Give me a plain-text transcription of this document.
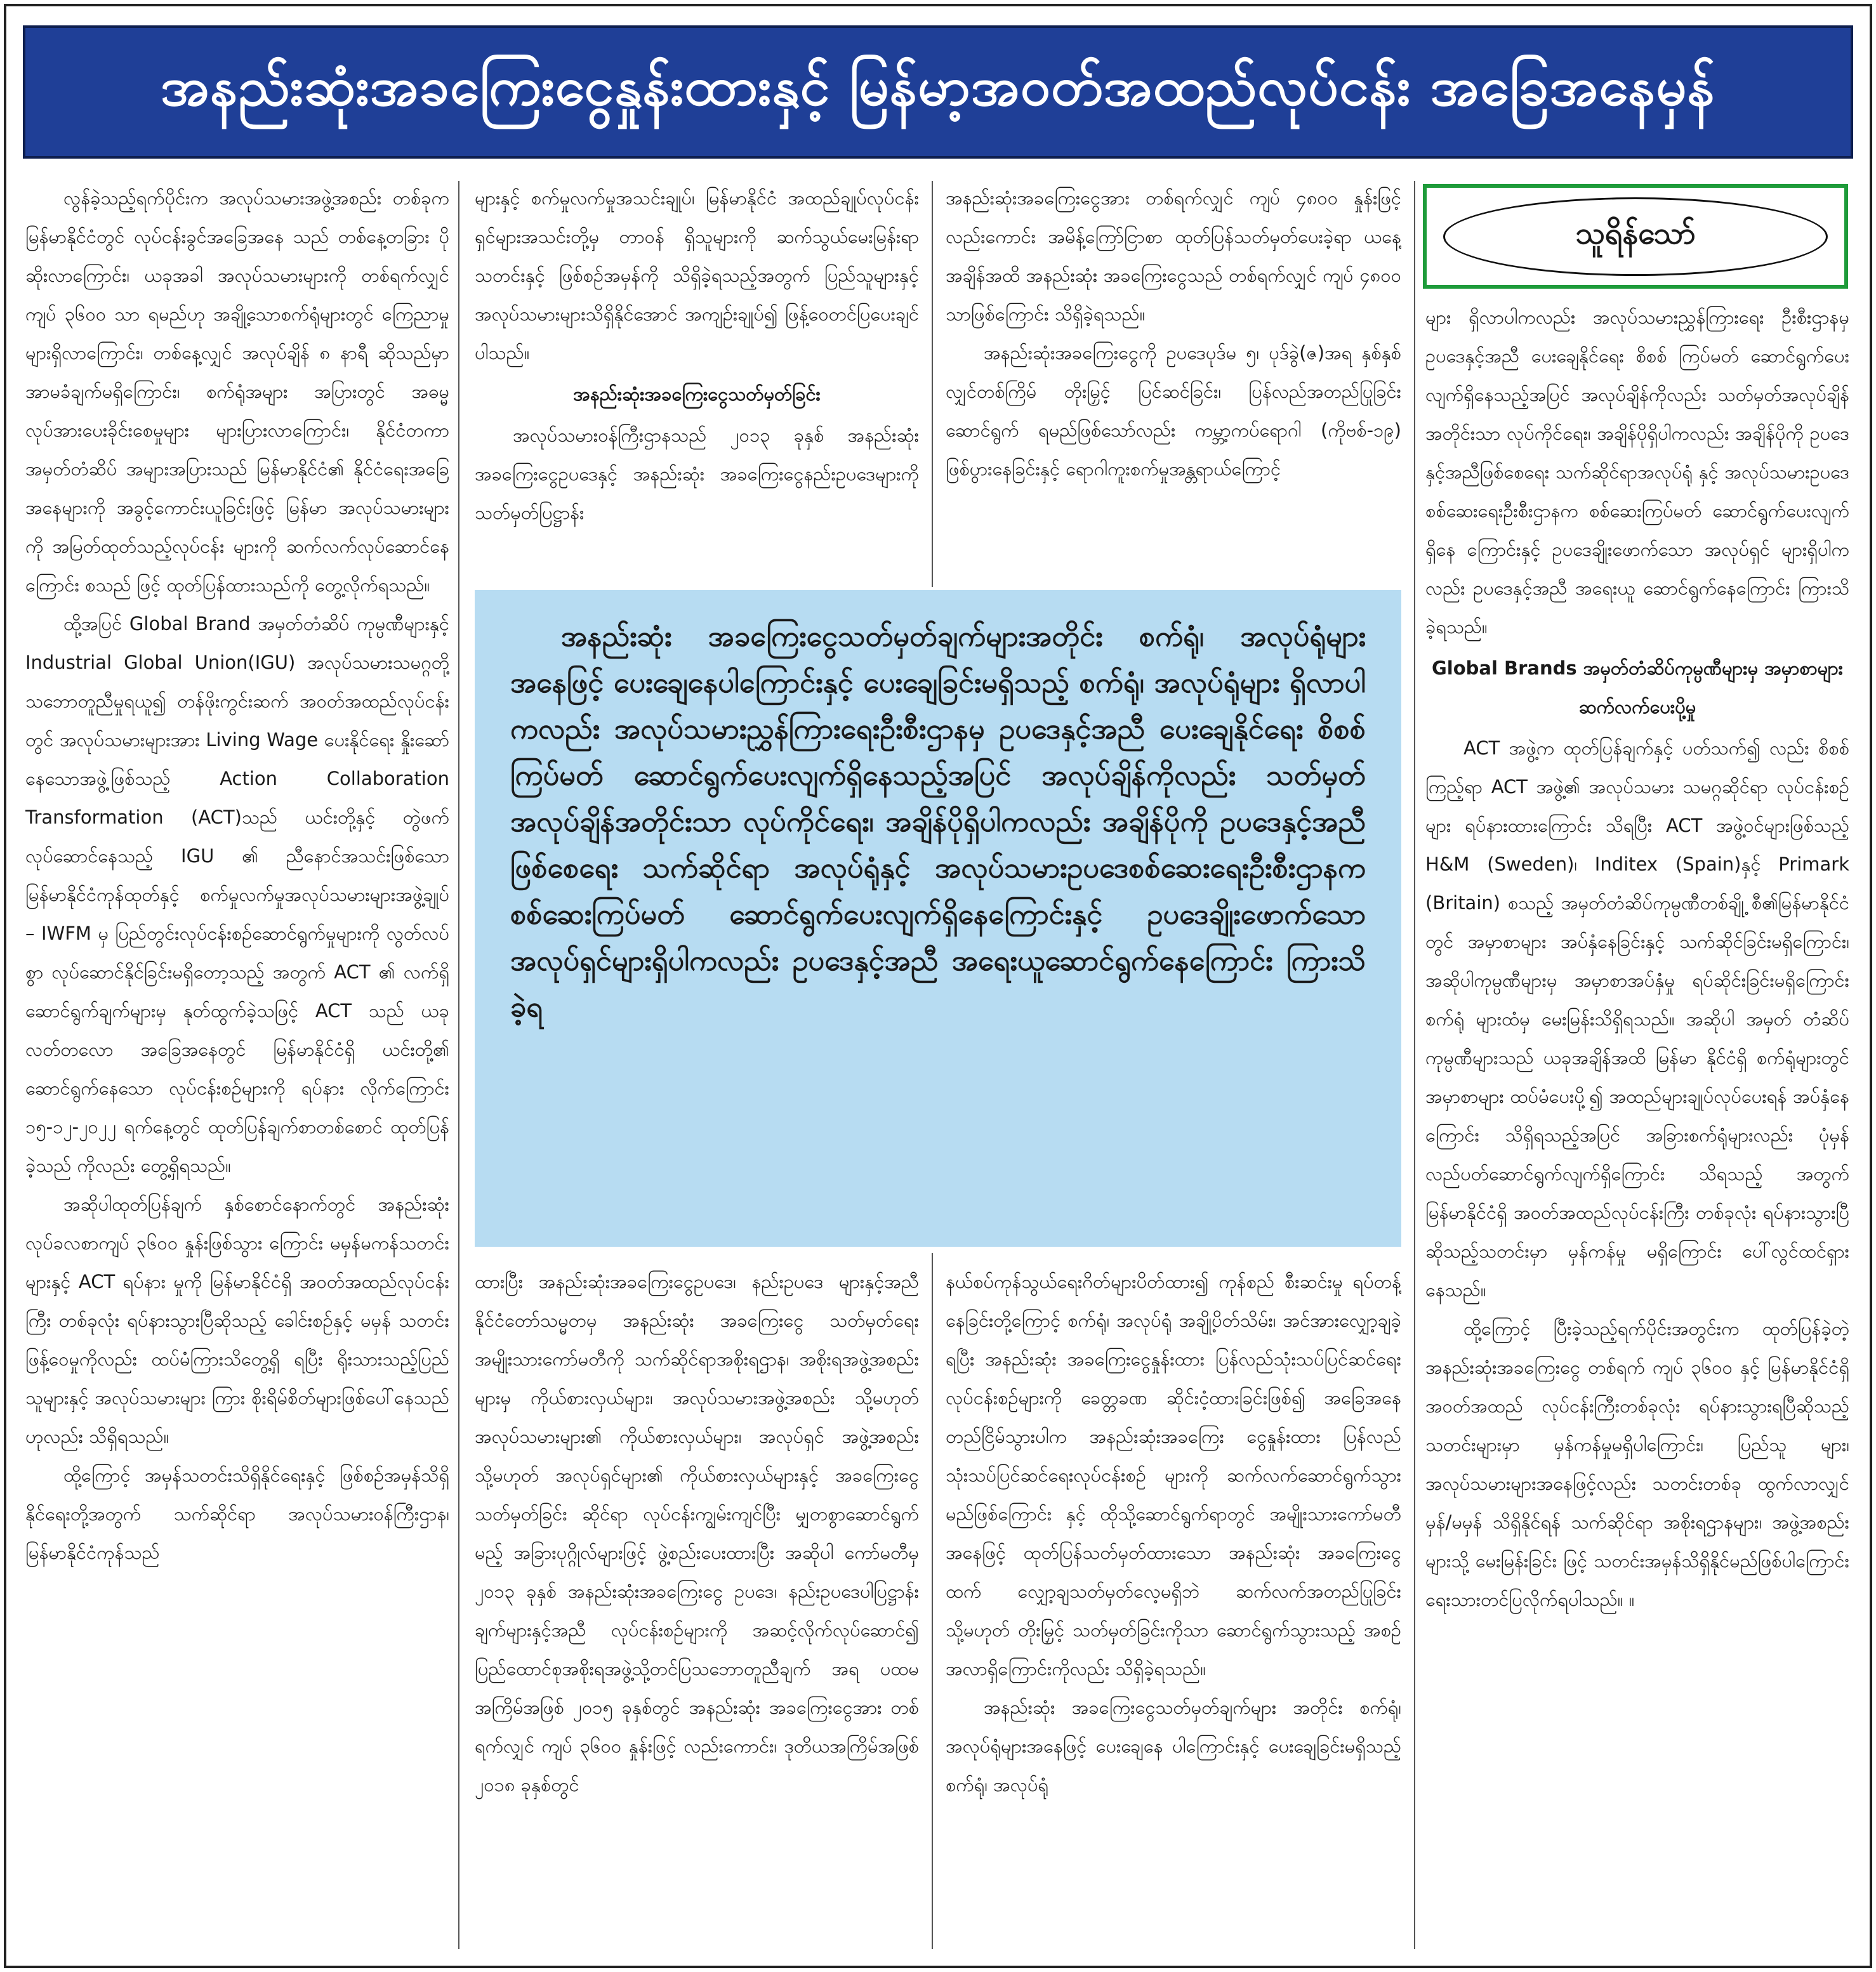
အနည်းဆုံးအခကြေးငွေနှုန်းထားနှင့် မြန်မာ့အဝတ်အထည်လုပ်ငန်း အခြေအနေမှန်

လွန်ခဲ့သည့်ရက်ပိုင်းက အလုပ်သမားအဖွဲ့အစည်း တစ်ခုက မြန်မာနိုင်ငံတွင် လုပ်ငန်းခွင်အခြေအနေ သည် တစ်နေ့တခြား ပိုဆိုးလာကြောင်း၊ ယခုအခါ အလုပ်သမားများကို တစ်ရက်လျှင် ကျပ် ၃၆၀၀ သာ ရမည်ဟု အချို့သောစက်ရုံများတွင် ကြေညာမှု များရှိလာကြောင်း၊ တစ်နေ့လျှင် အလုပ်ချိန် ၈ နာရီ ဆိုသည်မှာ အာမခံချက်မရှိကြောင်း၊ စက်ရုံအများ အပြားတွင် အဓမ္မလုပ်အားပေးခိုင်းစေမှုများ များပြားလာကြောင်း၊ နိုင်ငံတကာအမှတ်တံဆိပ် အများအပြားသည် မြန်မာနိုင်ငံ၏ နိုင်ငံရေးအခြေ အနေများကို အခွင့်ကောင်းယူခြင်းဖြင့် မြန်မာ အလုပ်သမားများကို အမြတ်ထုတ်သည့်လုပ်ငန်း များကို ဆက်လက်လုပ်ဆောင်နေကြောင်း စသည် ဖြင့် ထုတ်ပြန်ထားသည်ကို တွေ့လိုက်ရသည်။

ထို့အပြင် Global Brand အမှတ်တံဆိပ် ကုမ္ပဏီများနှင့် Industrial Global Union(IGU) အလုပ်သမားသမဂ္ဂတို့ သဘောတူညီမှုရယူ၍ တန်ဖိုးကွင်းဆက် အဝတ်အထည်လုပ်ငန်းတွင် အလုပ်သမားများအား Living Wage ပေးနိုင်ရေး နှိုးဆော်နေသောအဖွဲ့ဖြစ်သည့် Action Collaboration Transformation (ACT)သည် ယင်းတို့နှင့် တွဲဖက်လုပ်ဆောင်နေသည့် IGU ၏ ညီနောင်အသင်းဖြစ်သော မြန်မာနိုင်ငံကုန်ထုတ်နှင့် စက်မှုလက်မှုအလုပ်သမားများအဖွဲ့ချုပ် – IWFM မှ ပြည်တွင်းလုပ်ငန်းစဉ်ဆောင်ရွက်မှုများကို လွတ်လပ်စွာ လုပ်ဆောင်နိုင်ခြင်းမရှိတော့သည့် အတွက် ACT ၏ လက်ရှိဆောင်ရွက်ချက်များမှ နုတ်ထွက်ခဲ့သဖြင့် ACT သည် ယခု လတ်တလော အခြေအနေတွင် မြန်မာနိုင်ငံရှိ ယင်းတို့၏ ဆောင်ရွက်နေသော လုပ်ငန်းစဉ်များကို ရပ်နား လိုက်ကြောင်း ၁၅-၁၂-၂၀၂၂ ရက်နေ့တွင် ထုတ်ပြန်ချက်စာတစ်စောင် ထုတ်ပြန်ခဲ့သည် ကိုလည်း တွေ့ရှိရသည်။

အဆိုပါထုတ်ပြန်ချက် နှစ်စောင်နောက်တွင် အနည်းဆုံးလုပ်ခလစာကျပ် ၃၆၀၀ နှုန်းဖြစ်သွား ကြောင်း မမှန်မကန်သတင်းများနှင့် ACT ရပ်နား မှုကို မြန်မာနိုင်ငံရှိ အဝတ်အထည်လုပ်ငန်းကြီး တစ်ခုလုံး ရပ်နားသွားပြီဆိုသည့် ခေါင်းစဉ်နှင့် မမှန် သတင်း ဖြန့်ဝေမှုကိုလည်း ထပ်မံကြားသိတွေ့ရှိ ရပြီး ရိုးသားသည့်ပြည်သူများနှင့် အလုပ်သမားများ ကြား စိုးရိမ်စိတ်များဖြစ်ပေါ်နေသည်ဟုလည်း သိရှိရသည်။

ထို့ကြောင့် အမှန်သတင်းသိရှိနိုင်ရေးနှင့် ဖြစ်စဉ်အမှန်သိရှိနိုင်ရေးတို့အတွက် သက်ဆိုင်ရာ အလုပ်သမားဝန်ကြီးဌာန၊ မြန်မာနိုင်ငံကုန်သည်

များနှင့် စက်မှုလက်မှုအသင်းချုပ်၊ မြန်မာနိုင်ငံ အထည်ချုပ်လုပ်ငန်းရှင်များအသင်းတို့မှ တာဝန် ရှိသူများကို ဆက်သွယ်မေးမြန်းရာ သတင်းနှင့် ဖြစ်စဉ်အမှန်ကို သိရှိခဲ့ရသည့်အတွက် ပြည်သူများနှင့် အလုပ်သမားများသိရှိနိုင်အောင် အကျဉ်းချုပ်၍ ဖြန့်ဝေတင်ပြပေးချင်ပါသည်။

အနည်းဆုံးအခကြေးငွေသတ်မှတ်ခြင်း

အလုပ်သမားဝန်ကြီးဌာနသည် ၂၀၁၃ ခုနှစ် အနည်းဆုံးအခကြေးငွေဥပဒေနှင့် အနည်းဆုံး အခကြေးငွေနည်းဥပဒေများကို သတ်မှတ်ပြဋ္ဌာန်း

အနည်းဆုံးအခကြေးငွေအား တစ်ရက်လျှင် ကျပ် ၄၈၀၀ နှုန်းဖြင့်လည်းကောင်း အမိန့်ကြော်ငြာစာ ထုတ်ပြန်သတ်မှတ်ပေးခဲ့ရာ ယနေ့အချိန်အထိ အနည်းဆုံး အခကြေးငွေသည် တစ်ရက်လျှင် ကျပ် ၄၈၀၀ သာဖြစ်ကြောင်း သိရှိခဲ့ရသည်။

အနည်းဆုံးအခကြေးငွေကို ဥပဒေပုဒ်မ ၅၊ ပုဒ်ခွဲ(ဇ)အရ နှစ်နှစ်လျှင်တစ်ကြိမ် တိုးမြှင့် ပြင်ဆင်ခြင်း၊ ပြန်လည်အတည်ပြုခြင်းဆောင်ရွက် ရမည်ဖြစ်သော်လည်း ကမ္ဘာ့ကပ်ရောဂါ (ကိုဗစ်-၁၉) ဖြစ်ပွားနေခြင်းနှင့် ရောဂါကူးစက်မှုအန္တရာယ်ကြောင့်

အနည်းဆုံး အခကြေးငွေသတ်မှတ်ချက်များအတိုင်း စက်ရုံ၊ အလုပ်ရုံများအနေဖြင့် ပေးချေနေပါကြောင်းနှင့် ပေးချေခြင်းမရှိသည့် စက်ရုံ၊ အလုပ်ရုံများ ရှိလာပါကလည်း အလုပ်သမားညွှန်ကြားရေးဦးစီးဌာနမှ ဥပဒေနှင့်အညီ ပေးချေနိုင်ရေး စိစစ်ကြပ်မတ် ဆောင်ရွက်ပေးလျက်ရှိနေသည့်အပြင် အလုပ်ချိန်ကိုလည်း သတ်မှတ်အလုပ်ချိန်အတိုင်းသာ လုပ်ကိုင်ရေး၊ အချိန်ပိုရှိပါကလည်း အချိန်ပိုကို ဥပဒေနှင့်အညီဖြစ်စေရေး သက်ဆိုင်ရာ အလုပ်ရုံနှင့် အလုပ်သမားဥပဒေစစ်ဆေးရေးဦးစီးဌာနက စစ်ဆေးကြပ်မတ် ဆောင်ရွက်ပေးလျက်ရှိနေကြောင်းနှင့် ဥပဒေချိုးဖောက်သော အလုပ်ရှင်များရှိပါကလည်း ဥပဒေနှင့်အညီ အရေးယူဆောင်ရွက်နေကြောင်း ကြားသိခဲ့ရ

ထားပြီး အနည်းဆုံးအခကြေးငွေဥပဒေ၊ နည်းဥပဒေ များနှင့်အညီ နိုင်ငံတော်သမ္မတမှ အနည်းဆုံး အခကြေးငွေ သတ်မှတ်ရေး အမျိုးသားကော်မတီကို သက်ဆိုင်ရာအစိုးရဌာန၊ အစိုးရအဖွဲ့အစည်းများမှ ကိုယ်စားလှယ်များ၊ အလုပ်သမားအဖွဲ့အစည်း သို့မဟုတ် အလုပ်သမားများ၏ ကိုယ်စားလှယ်များ၊ အလုပ်ရှင် အဖွဲ့အစည်း သို့မဟုတ် အလုပ်ရှင်များ၏ ကိုယ်စားလှယ်များနှင့် အခကြေးငွေ သတ်မှတ်ခြင်း ဆိုင်ရာ လုပ်ငန်းကျွမ်းကျင်ပြီး မျှတစွာဆောင်ရွက် မည့် အခြားပုဂ္ဂိုလ်များဖြင့် ဖွဲ့စည်းပေးထားပြီး အဆိုပါ ကော်မတီမှ ၂၀၁၃ ခုနှစ် အနည်းဆုံးအခကြေးငွေ ဥပဒေ၊ နည်းဥပဒေပါပြဋ္ဌာန်းချက်များနှင့်အညီ လုပ်ငန်းစဉ်များကို အဆင့်လိုက်လုပ်ဆောင်၍ ပြည်ထောင်စုအစိုးရအဖွဲ့သို့တင်ပြသဘောတူညီချက် အရ ပထမအကြိမ်အဖြစ် ၂၀၁၅ ခုနှစ်တွင် အနည်းဆုံး အခကြေးငွေအား တစ်ရက်လျှင် ကျပ် ၃၆၀၀ နှုန်းဖြင့် လည်းကောင်း၊ ဒုတိယအကြိမ်အဖြစ် ၂၀၁၈ ခုနှစ်တွင်

နယ်စပ်ကုန်သွယ်ရေးဂိတ်များပိတ်ထား၍ ကုန်စည် စီးဆင်းမှု ရပ်တန့်နေခြင်းတို့ကြောင့် စက်ရုံ၊ အလုပ်ရုံ အချို့ပိတ်သိမ်း၊ အင်အားလျှော့ချခဲ့ရပြီး အနည်းဆုံး အခကြေးငွေနှုန်းထား ပြန်လည်သုံးသပ်ပြင်ဆင်ရေး လုပ်ငန်းစဉ်များကို ခေတ္တခဏ ဆိုင်းငံ့ထားခြင်းဖြစ်၍ အခြေအနေ တည်ငြိမ်သွားပါက အနည်းဆုံးအခကြေး ငွေနှုန်းထား ပြန်လည်သုံးသပ်ပြင်ဆင်ရေးလုပ်ငန်းစဉ် များကို ဆက်လက်ဆောင်ရွက်သွားမည်ဖြစ်ကြောင်း နှင့် ထိုသို့ဆောင်ရွက်ရာတွင် အမျိုးသားကော်မတီ အနေဖြင့် ထုတ်ပြန်သတ်မှတ်ထားသော အနည်းဆုံး အခကြေးငွေထက် လျှော့ချသတ်မှတ်လေ့မရှိဘဲ ဆက်လက်အတည်ပြုခြင်း သို့မဟုတ် တိုးမြှင့် သတ်မှတ်ခြင်းကိုသာ ဆောင်ရွက်သွားသည့် အစဉ် အလာရှိကြောင်းကိုလည်း သိရှိခဲ့ရသည်။

အနည်းဆုံး အခကြေးငွေသတ်မှတ်ချက်များ အတိုင်း စက်ရုံ၊ အလုပ်ရုံများအနေဖြင့် ပေးချေနေ ပါကြောင်းနှင့် ပေးချေခြင်းမရှိသည့် စက်ရုံ၊ အလုပ်ရုံ

သူရိန်သော်

များ ရှိလာပါကလည်း အလုပ်သမားညွှန်ကြားရေး ဦးစီးဌာနမှ ဥပဒေနှင့်အညီ ပေးချေနိုင်ရေး စိစစ် ကြပ်မတ် ဆောင်ရွက်ပေးလျက်ရှိနေသည့်အပြင် အလုပ်ချိန်ကိုလည်း သတ်မှတ်အလုပ်ချိန်အတိုင်းသာ လုပ်ကိုင်ရေး၊ အချိန်ပိုရှိပါကလည်း အချိန်ပိုကို ဥပဒေနှင့်အညီဖြစ်စေရေး သက်ဆိုင်ရာအလုပ်ရုံ နှင့် အလုပ်သမားဥပဒေစစ်ဆေးရေးဦးစီးဌာနက စစ်ဆေးကြပ်မတ် ဆောင်ရွက်ပေးလျက်ရှိနေ ကြောင်းနှင့် ဥပဒေချိုးဖောက်သော အလုပ်ရှင် များရှိပါကလည်း ဥပဒေနှင့်အညီ အရေးယူ ဆောင်ရွက်နေကြောင်း ကြားသိခဲ့ရသည်။

Global Brands အမှတ်တံဆိပ်ကုမ္ပဏီများမှ အမှာစာများဆက်လက်ပေးပို့မှု

ACT အဖွဲ့က ထုတ်ပြန်ချက်နှင့် ပတ်သက်၍ လည်း စိစစ်ကြည့်ရာ ACT အဖွဲ့၏ အလုပ်သမား သမဂ္ဂဆိုင်ရာ လုပ်ငန်းစဉ်များ ရပ်နားထားကြောင်း သိရပြီး ACT အဖွဲ့ဝင်များဖြစ်သည့် H&M (Sweden)၊ Inditex (Spain)နှင့် Primark (Britain) စသည့် အမှတ်တံဆိပ်ကုမ္ပဏီတစ်ချို့ စီ၏မြန်မာနိုင်ငံတွင် အမှာစာများ အပ်နှံနေခြင်းနှင့် သက်ဆိုင်ခြင်းမရှိကြောင်း၊ အဆိုပါကုမ္ပဏီများမှ အမှာစာအပ်နှံမှု ရပ်ဆိုင်းခြင်းမရှိကြောင်း စက်ရုံ များထံမှ မေးမြန်းသိရှိရသည်။ အဆိုပါ အမှတ် တံဆိပ်ကုမ္ပဏီများသည် ယခုအချိန်အထိ မြန်မာ နိုင်ငံရှိ စက်ရုံများတွင် အမှာစာများ ထပ်မံပေးပို့၍ အထည်များချုပ်လုပ်ပေးရန် အပ်နှံနေကြောင်း သိရှိရသည့်အပြင် အခြားစက်ရုံများလည်း ပုံမှန် လည်ပတ်ဆောင်ရွက်လျက်ရှိကြောင်း သိရသည့် အတွက် မြန်မာနိုင်ငံရှိ အဝတ်အထည်လုပ်ငန်းကြီး တစ်ခုလုံး ရပ်နားသွားပြီဆိုသည့်သတင်းမှာ မှန်ကန်မှု မရှိကြောင်း ပေါ်လွင်ထင်ရှားနေသည်။

ထို့ကြောင့် ပြီးခဲ့သည့်ရက်ပိုင်းအတွင်းက ထုတ်ပြန်ခဲ့တဲ့ အနည်းဆုံးအခကြေးငွေ တစ်ရက် ကျပ် ၃၆၀၀ နှင့် မြန်မာနိုင်ငံရှိ အဝတ်အထည် လုပ်ငန်းကြီးတစ်ခုလုံး ရပ်နားသွားရပြီဆိုသည့် သတင်းများမှာ မှန်ကန်မှုမရှိပါကြောင်း၊ ပြည်သူ များ၊ အလုပ်သမားများအနေဖြင့်လည်း သတင်းတစ်ခု ထွက်လာလျှင် မှန်/မမှန် သိရှိနိုင်ရန် သက်ဆိုင်ရာ အစိုးရဌာနများ၊ အဖွဲ့အစည်းများသို့ မေးမြန်းခြင်း ဖြင့် သတင်းအမှန်သိရှိနိုင်မည်ဖြစ်ပါကြောင်း ရေးသားတင်ပြလိုက်ရပါသည်။ ။
